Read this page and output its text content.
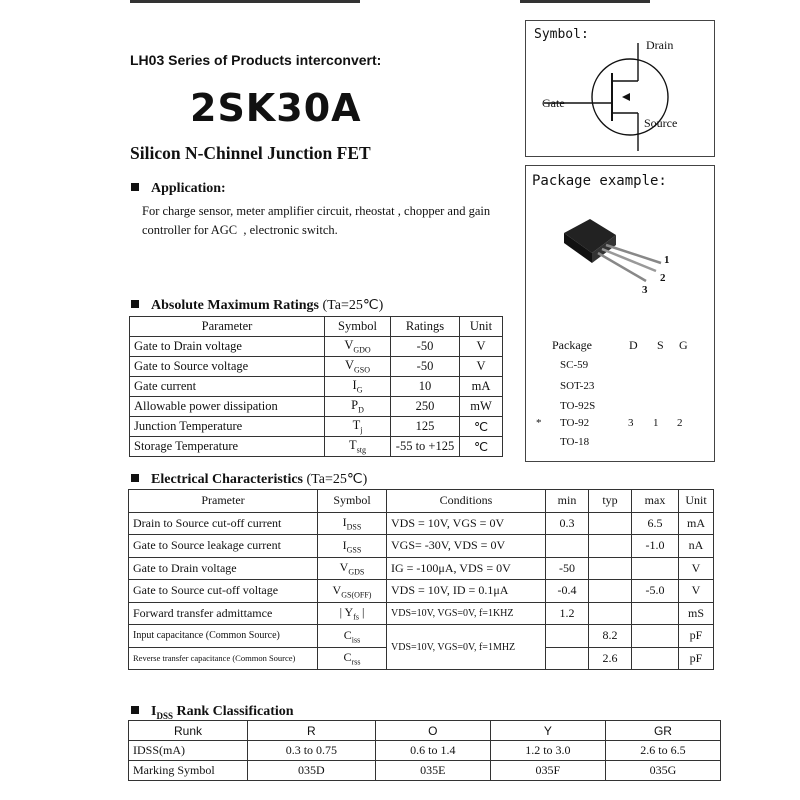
LH03 Series of Products interconvert:
2SK30A
Silicon N-Chinnel Junction FET
Application:
For charge sensor, meter amplifier circuit, rheostat , chopper and gain controller for AGC  , electronic switch.
Symbol:
Drain
Gate
Source
Package example:
1
2
3
Package	D S G
SC-59
SOT-23
TO-92S
* TO-92	3 1 2
TO-18
Absolute Maximum Ratings (Ta=25℃)
Parameter	Symbol	Ratings	Unit
Gate to Drain voltage	$V_{GDO}$	-50	V
Gate to Source voltage	$V_{GSO}$	-50	V
Gate current	$I_G$	10	mA
Allowable power dissipation	$P_D$	250	mW
Junction Temperature	$T_j$	125	℃
Storage Temperature	$T_{stg}$	-55 to +125	℃
Electrical Characteristics (Ta=25℃)
Prameter	Symbol	Conditions	min	typ	max	Unit
Drain to Source cut-off current	$I_{DSS}$	VDS = 10V, VGS = 0V	0.3		6.5	mA
Gate to Source leakage current	$I_{GSS}$	VGS= -30V, VDS = 0V			-1.0	nA
Gate to Drain voltage	$V_{GDS}$	IG = -100μA, VDS = 0V	-50			V
Gate to Source cut-off voltage	$V_{GS(OFF)}$	VDS = 10V, ID = 0.1μA	-0.4		-5.0	V
Forward transfer admittamce	| $Y_{fs}$ |	VDS=10V, VGS=0V, f=1KHZ	1.2			mS
Input capacitance (Common Source)	$C_{iss}$	VDS=10V, VGS=0V, f=1MHZ		8.2		pF
Reverse transfer capacitance (Common Source)	$C_{rss}$			2.6		pF
$I_{DSS}$ Rank Classification
Runk	R	O	Y	GR
IDSS(mA)	0.3 to 0.75	0.6 to 1.4	1.2 to 3.0	2.6 to 6.5
Marking Symbol	035D	035E	035F	035G
